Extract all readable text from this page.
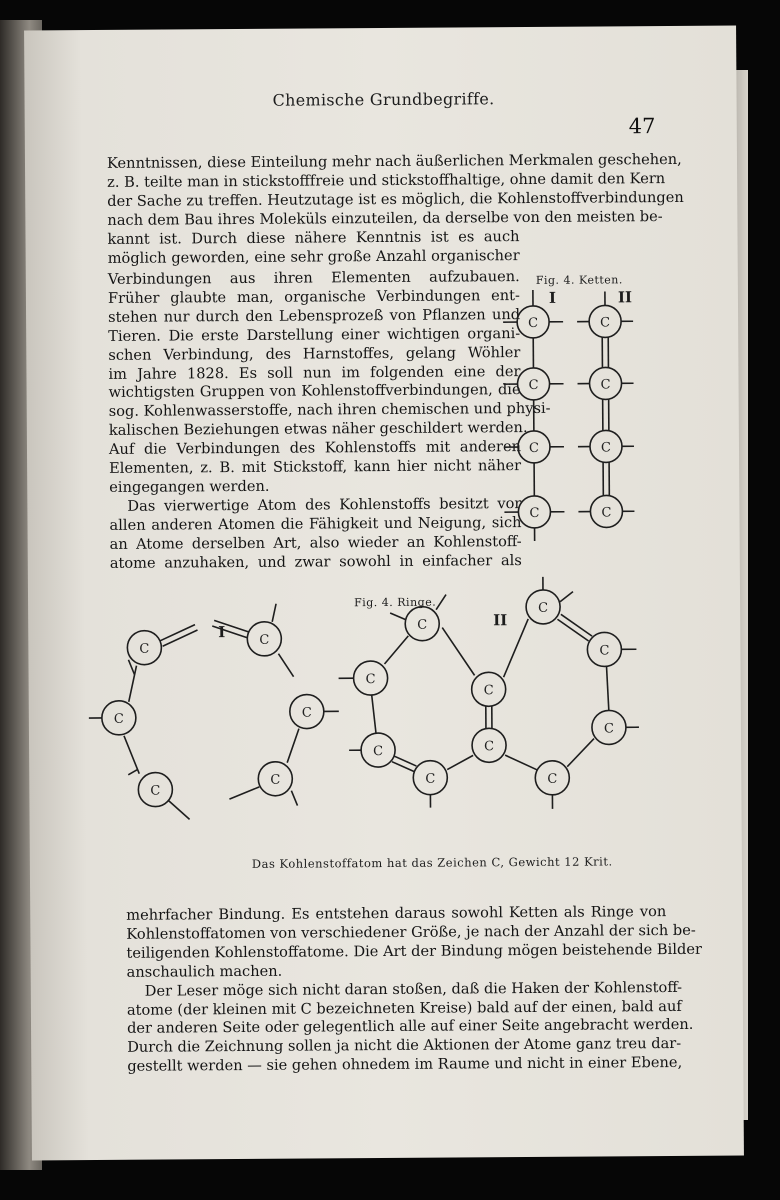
Chemische Grundbegriffe.
47
Kenntnissen, diese Einteilung mehr nach äußerlichen Merkmalen geschehen,
z. B. teilte man in stickstofffreie und stickstoffhaltige, ohne damit den Kern
der Sache zu treffen. Heutzutage ist es möglich, die Kohlenstoffverbindungen
nach dem Bau ihres Moleküls einzuteilen, da derselbe von den meisten be-
kannt ist. Durch diese nähere Kenntnis ist es auch
möglich geworden, eine sehr große Anzahl organischer
Verbindungen aus ihren Elementen aufzubauen.
Früher glaubte man, organische Verbindungen ent-
stehen nur durch den Lebensprozeß von Pflanzen und
Tieren. Die erste Darstellung einer wichtigen organi-
schen Verbindung, des Harnstoffes, gelang Wöhler
im Jahre 1828. Es soll nun im folgenden eine der
wichtigsten Gruppen von Kohlenstoffverbindungen, die
sog. Kohlenwasserstoffe, nach ihren chemischen und physi-
kalischen Beziehungen etwas näher geschildert werden.
Auf die Verbindungen des Kohlenstoffs mit anderen
Elementen, z. B. mit Stickstoff, kann hier nicht näher
eingegangen werden.
Das vierwertige Atom des Kohlenstoffs besitzt vor
allen anderen Atomen die Fähigkeit und Neigung, sich
an Atome derselben Art, also wieder an Kohlenstoff-
atome anzuhaken, und zwar sowohl in einfacher als
Fig. 4. Ketten.
I	II
Fig. 4. Ringe.
I
II
C
C
C
C
C
C
C
C
C
C
C
C
C
C
C
C
C
C
C
C
C
C
C
C
Das Kohlenstoffatom hat das Zeichen C, Gewicht 12 Krit.
mehrfacher Bindung. Es entstehen daraus sowohl Ketten als Ringe von
Kohlenstoffatomen von verschiedener Größe, je nach der Anzahl der sich be-
teiligenden Kohlenstoffatome. Die Art der Bindung mögen beistehende Bilder
anschaulich machen.
Der Leser möge sich nicht daran stoßen, daß die Haken der Kohlenstoff-
atome (der kleinen mit C bezeichneten Kreise) bald auf der einen, bald auf
der anderen Seite oder gelegentlich alle auf einer Seite angebracht werden.
Durch die Zeichnung sollen ja nicht die Aktionen der Atome ganz treu dar-
gestellt werden — sie gehen ohnedem im Raume und nicht in einer Ebene,
